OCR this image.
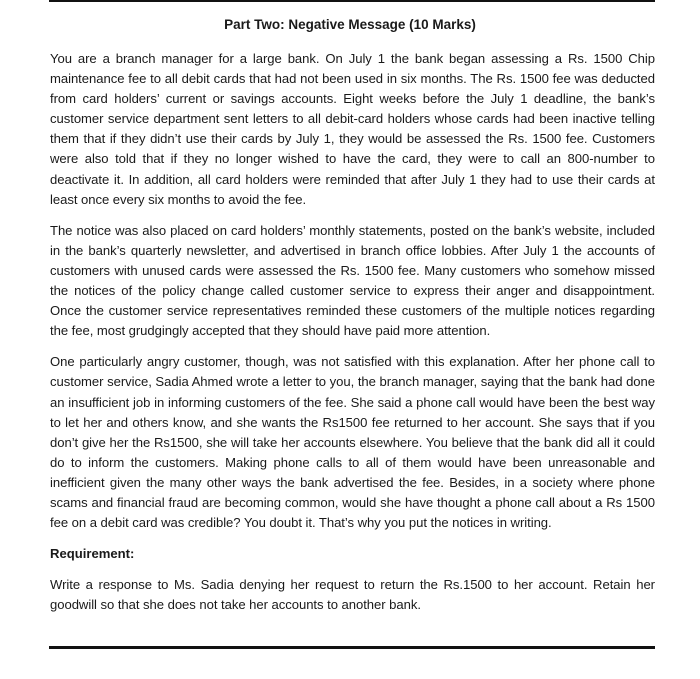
Part Two: Negative Message (10 Marks)

You are a branch manager for a large bank. On July 1 the bank began assessing a Rs. 1500 Chip maintenance fee to all debit cards that had not been used in six months. The Rs. 1500 fee was deducted from card holders’ current or savings accounts. Eight weeks before the July 1 deadline, the bank’s customer service department sent letters to all debit-card holders whose cards had been inactive telling them that if they didn’t use their cards by July 1, they would be assessed the Rs. 1500 fee. Customers were also told that if they no longer wished to have the card, they were to call an 800-number to deactivate it. In addition, all card holders were reminded that after July 1 they had to use their cards at least once every six months to avoid the fee.

The notice was also placed on card holders’ monthly statements, posted on the bank’s website, included in the bank’s quarterly newsletter, and advertised in branch office lobbies. After July 1 the accounts of customers with unused cards were assessed the Rs. 1500 fee. Many customers who somehow missed the notices of the policy change called customer service to express their anger and disappointment. Once the customer service representatives reminded these customers of the multiple notices regarding the fee, most grudgingly accepted that they should have paid more attention.

One particularly angry customer, though, was not satisfied with this explanation. After her phone call to customer service, Sadia Ahmed wrote a letter to you, the branch manager, saying that the bank had done an insufficient job in informing customers of the fee. She said a phone call would have been the best way to let her and others know, and she wants the Rs1500 fee returned to her account. She says that if you don’t give her the Rs1500, she will take her accounts elsewhere. You believe that the bank did all it could do to inform the customers. Making phone calls to all of them would have been unreasonable and inefficient given the many other ways the bank advertised the fee. Besides, in a society where phone scams and financial fraud are becoming common, would she have thought a phone call about a Rs 1500 fee on a debit card was credible? You doubt it. That’s why you put the notices in writing.

Requirement:

Write a response to Ms. Sadia denying her request to return the Rs.1500 to her account. Retain her goodwill so that she does not take her accounts to another bank.
